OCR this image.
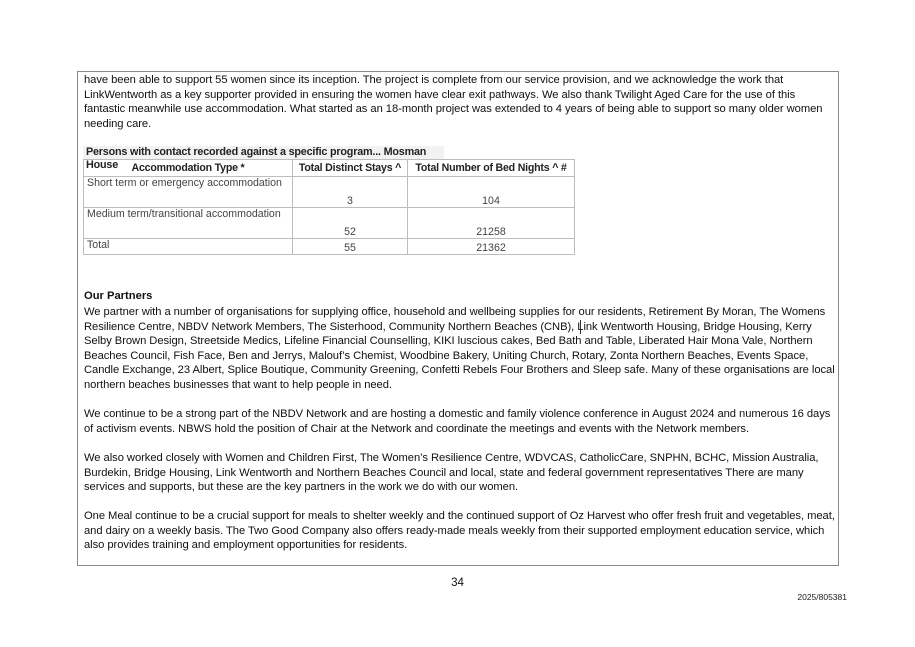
have been able to support 55 women since its inception. The project is complete from our service provision, and we acknowledge the work that LinkWentworth as a key supporter provided in ensuring the women have clear exit pathways. We also thank Twilight Aged Care for the use of this fantastic meanwhile use accommodation. What started as an 18-month project was extended to 4 years of being able to support so many older women needing care.

Persons with contact recorded against a specific program... Mosman House	Accommodation Type *	Total Distinct Stays ^	Total Number of Bed Nights ^ #
Short term or emergency accommodation	3	104
Medium term/transitional accommodation	52	21258
Total	55	21362

Our Partners

We partner with a number of organisations for supplying office, household and wellbeing supplies for our residents, Retirement By Moran, The Womens Resilience Centre, NBDV Network Members, The Sisterhood, Community Northern Beaches (CNB), Link Wentworth Housing, Bridge Housing, Kerry Selby Brown Design, Streetside Medics, Lifeline Financial Counselling, KIKI luscious cakes, Bed Bath and Table, Liberated Hair Mona Vale, Northern Beaches Council, Fish Face, Ben and Jerrys, Malouf’s Chemist, Woodbine Bakery, Uniting Church, Rotary, Zonta Northern Beaches, Events Space, Candle Exchange, 23 Albert, Splice Boutique, Community Greening, Confetti Rebels Four Brothers and Sleep safe. Many of these organisations are local northern beaches businesses that want to help people in need.

We continue to be a strong part of the NBDV Network and are hosting a domestic and family violence conference in August 2024 and numerous 16 days of activism events. NBWS hold the position of Chair at the Network and coordinate the meetings and events with the Network members.

We also worked closely with Women and Children First, The Women’s Resilience Centre, WDVCAS, CatholicCare, SNPHN, BCHC, Mission Australia, Burdekin, Bridge Housing, Link Wentworth and Northern Beaches Council and local, state and federal government representatives There are many services and supports, but these are the key partners in the work we do with our women.

One Meal continue to be a crucial support for meals to shelter weekly and the continued support of Oz Harvest who offer fresh fruit and vegetables, meat, and dairy on a weekly basis. The Two Good Company also offers ready-made meals weekly from their supported employment education service, which also provides training and employment opportunities for residents.

34
2025/805381
